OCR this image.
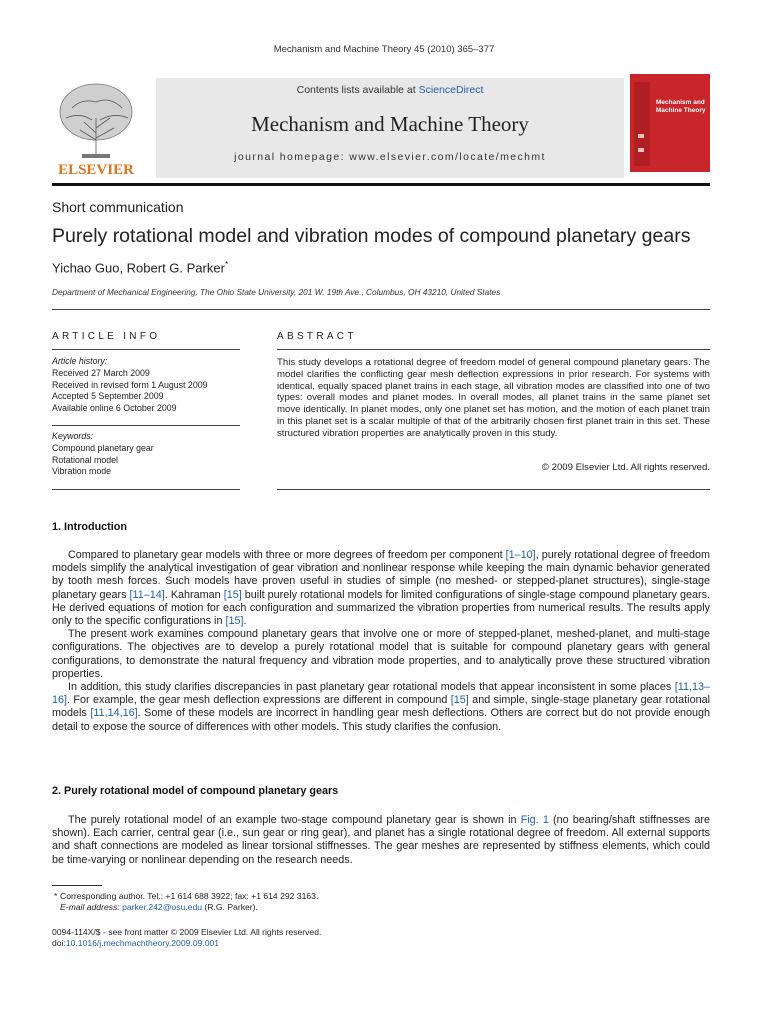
Mechanism and Machine Theory 45 (2010) 365–377
ELSEVIER
Contents lists available at ScienceDirect
Mechanism and Machine Theory
journal homepage: www.elsevier.com/locate/mechmt
Mechanism and Machine Theory
Short communication
Purely rotational model and vibration modes of compound planetary gears
Yichao Guo, Robert G. Parker*
Department of Mechanical Engineering, The Ohio State University, 201 W. 19th Ave., Columbus, OH 43210, United States
ARTICLE INFO
Article history:
Received 27 March 2009
Received in revised form 1 August 2009
Accepted 5 September 2009
Available online 6 October 2009
Keywords:
Compound planetary gear
Rotational model
Vibration mode
ABSTRACT
This study develops a rotational degree of freedom model of general compound planetary gears. The model clarifies the conflicting gear mesh deflection expressions in prior research. For systems with identical, equally spaced planet trains in each stage, all vibration modes are classified into one of two types: overall modes and planet modes. In overall modes, all planet trains in the same planet set move identically. In planet modes, only one planet set has motion, and the motion of each planet train in this planet set is a scalar multiple of that of the arbitrarily chosen first planet train in this set. These structured vibration properties are analytically proven in this study.
© 2009 Elsevier Ltd. All rights reserved.
1. Introduction

Compared to planetary gear models with three or more degrees of freedom per component [1–10], purely rotational degree of freedom models simplify the analytical investigation of gear vibration and nonlinear response while keeping the main dynamic behavior generated by tooth mesh forces. Such models have proven useful in studies of simple (no meshed- or stepped-planet structures), single-stage planetary gears [11–14]. Kahraman [15] built purely rotational models for limited configurations of single-stage compound planetary gears. He derived equations of motion for each configuration and summarized the vibration properties from numerical results. The results apply only to the specific configurations in [15].

The present work examines compound planetary gears that involve one or more of stepped-planet, meshed-planet, and multi-stage configurations. The objectives are to develop a purely rotational model that is suitable for compound planetary gears with general configurations, to demonstrate the natural frequency and vibration mode properties, and to analytically prove these structured vibration properties.

In addition, this study clarifies discrepancies in past planetary gear rotational models that appear inconsistent in some places [11,13–16]. For example, the gear mesh deflection expressions are different in compound [15] and simple, single-stage planetary gear rotational models [11,14,16]. Some of these models are incorrect in handling gear mesh deflections. Others are correct but do not provide enough detail to expose the source of differences with other models. This study clarifies the confusion.

2. Purely rotational model of compound planetary gears

The purely rotational model of an example two-stage compound planetary gear is shown in Fig. 1 (no bearing/shaft stiffnesses are shown). Each carrier, central gear (i.e., sun gear or ring gear), and planet has a single rotational degree of freedom. All external supports and shaft connections are modeled as linear torsional stiffnesses. The gear meshes are represented by stiffness elements, which could be time-varying or nonlinear depending on the research needs.

* Corresponding author. Tel.: +1 614 688 3922; fax: +1 614 292 3163.
E-mail address: parker.242@osu.edu (R.G. Parker).
0094-114X/$ - see front matter © 2009 Elsevier Ltd. All rights reserved.
doi:10.1016/j.mechmachtheory.2009.09.001
